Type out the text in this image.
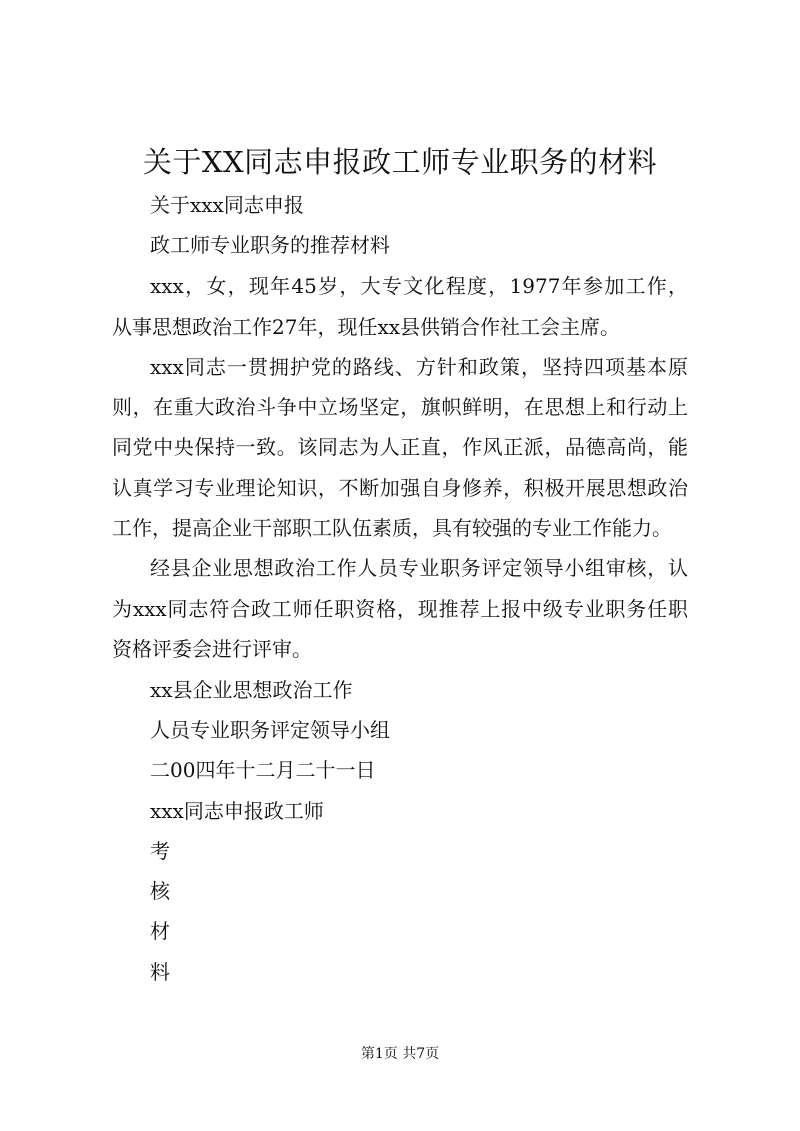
关于XX同志申报政工师专业职务的材料
关于xxx同志申报
政工师专业职务的推荐材料
xxx，女，现年45岁，大专文化程度，1977年参加工作，
从事思想政治工作27年，现任xx县供销合作社工会主席。
xxx同志一贯拥护党的路线、方针和政策，坚持四项基本原
则，在重大政治斗争中立场坚定，旗帜鲜明，在思想上和行动上
同党中央保持一致。该同志为人正直，作风正派，品德高尚，能
认真学习专业理论知识，不断加强自身修养，积极开展思想政治
工作，提高企业干部职工队伍素质，具有较强的专业工作能力。
经县企业思想政治工作人员专业职务评定领导小组审核，认
为xxx同志符合政工师任职资格，现推荐上报中级专业职务任职
资格评委会进行评审。
xx县企业思想政治工作
人员专业职务评定领导小组
二00四年十二月二十一日
xxx同志申报政工师
考
核
材
料
第1页 共7页
